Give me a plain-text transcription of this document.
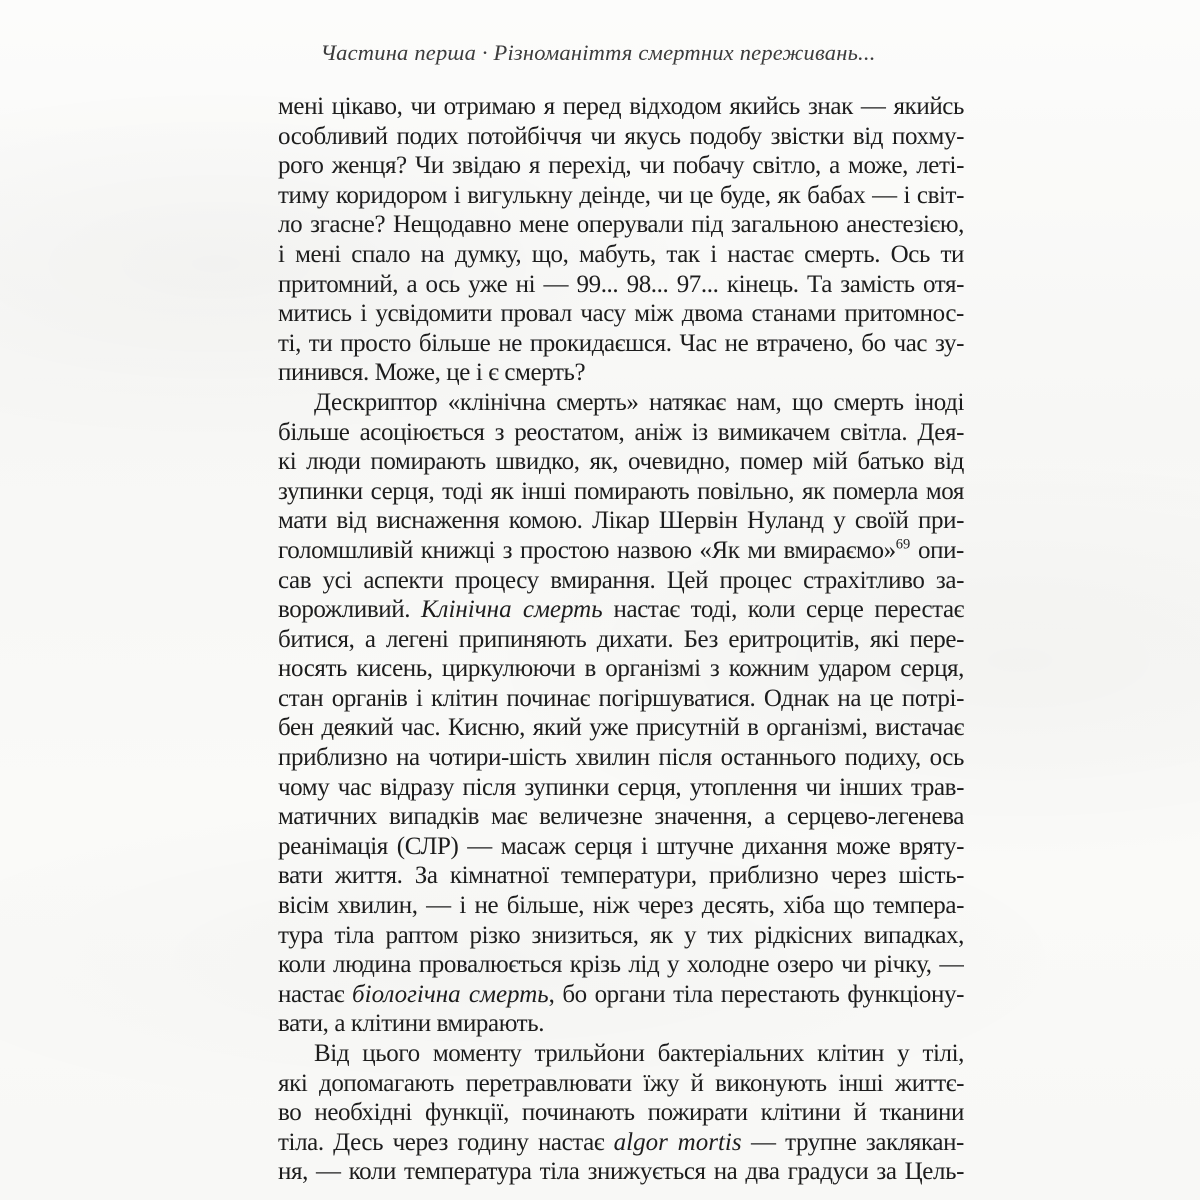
Частина перша · Різноманіття смертних переживань...
мені цікаво, чи отримаю я перед відходом якийсь знак — якийсь
особливий подих потойбіччя чи якусь подобу звістки від похму-
рого женця? Чи звідаю я перехід, чи побачу світло, а може, леті-
тиму коридором і вигулькну деінде, чи це буде, як бабах — і світ-
ло згасне? Нещодавно мене оперували під загальною анестезією,
і мені спало на думку, що, мабуть, так і настає смерть. Ось ти
притомний, а ось уже ні — 99... 98... 97... кінець. Та замість отя-
митись і усвідомити провал часу між двома станами притомнос-
ті, ти просто більше не прокидаєшся. Час не втрачено, бо час зу-
пинився. Може, це і є смерть?
Дескриптор «клінічна смерть» натякає нам, що смерть іноді
більше асоціюється з реостатом, аніж із вимикачем світла. Дея-
кі люди помирають швидко, як, очевидно, помер мій батько від
зупинки серця, тоді як інші помирають повільно, як померла моя
мати від виснаження комою. Лікар Шервін Нуланд у своїй при-
голомшливій книжці з простою назвою «Як ми вмираємо»$^{69}$ опи-
сав усі аспекти процесу вмирання. Цей процес страхітливо за-
ворожливий. Клінічна смерть настає тоді, коли серце перестає
битися, а легені припиняють дихати. Без еритроцитів, які пере-
носять кисень, циркулюючи в організмі з кожним ударом серця,
стан органів і клітин починає погіршуватися. Однак на це потрі-
бен деякий час. Кисню, який уже присутній в організмі, вистачає
приблизно на чотири-шість хвилин після останнього подиху, ось
чому час відразу після зупинки серця, утоплення чи інших трав-
матичних випадків має величезне значення, а серцево-легенева
реанімація (СЛР) — масаж серця і штучне дихання може вряту-
вати життя. За кімнатної температури, приблизно через шість-
вісім хвилин, — і не більше, ніж через десять, хіба що темпера-
тура тіла раптом різко знизиться, як у тих рідкісних випадках,
коли людина провалюється крізь лід у холодне озеро чи річку, —
настає біологічна смерть, бо органи тіла перестають функціону-
вати, а клітини вмирають.
Від цього моменту трильйони бактеріальних клітин у тілі,
які допомагають перетравлювати їжу й виконують інші життє-
во необхідні функції, починають пожирати клітини й тканини
тіла. Десь через годину настає algor mortis — трупне заклякан-
ня, — коли температура тіла знижується на два градуси за Цель-
